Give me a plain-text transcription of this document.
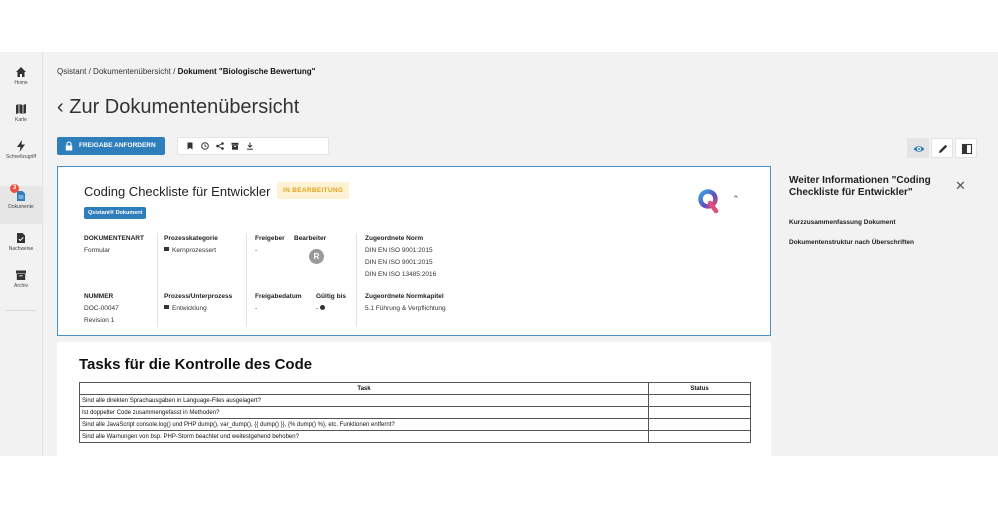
Home
Karte
Schnellzugriff
3
Dokumente
Nachweise
Archiv
Qsistant / Dokumentenübersicht / Dokument "Biologische Bewertung"
‹ Zur Dokumentenübersicht
FREIGABE ANFORDERN
Coding Checkliste für Entwickler	IN BEARBEITUNG
Qsistant® Dokument
⌃
DOKUMENTENART
Formular
Prozesskategorie
Kernprozessert
Freigeber
-
Bearbeiter
R
Zugeordnete Norm
DIN EN ISO 9001:2015
DIN EN ISO 9001:2015
DIN EN ISO 13485:2016
NUMMER
DOC-00047
Revision 1
Prozess/Unterprozess
Entwicklung
Freigabedatum
-
Gültig bis
-
Zugeordnete Normkapitel
5.1 Führung & Verpflichtung
Tasks für die Kontrolle des Code
Task	Status
Sind alle direkten Sprachausgaben in Language-Files ausgelagert?	
Ist doppelter Code zusammengefasst in Methoden?	
Sind alle JavaScript console.log() und PHP dump(), var_dump(), {{ dump() }}, {% dump() %}, etc. Funktionen entfernt?	
Sind alle Warnungen von bsp. PHP-Storm beachtet und weitestgehend behoben?	
Weiter Informationen "Coding Checkliste für Entwickler"	✕
Kurzzusammenfassung Dokument
Dokumentenstruktur nach Überschriften
